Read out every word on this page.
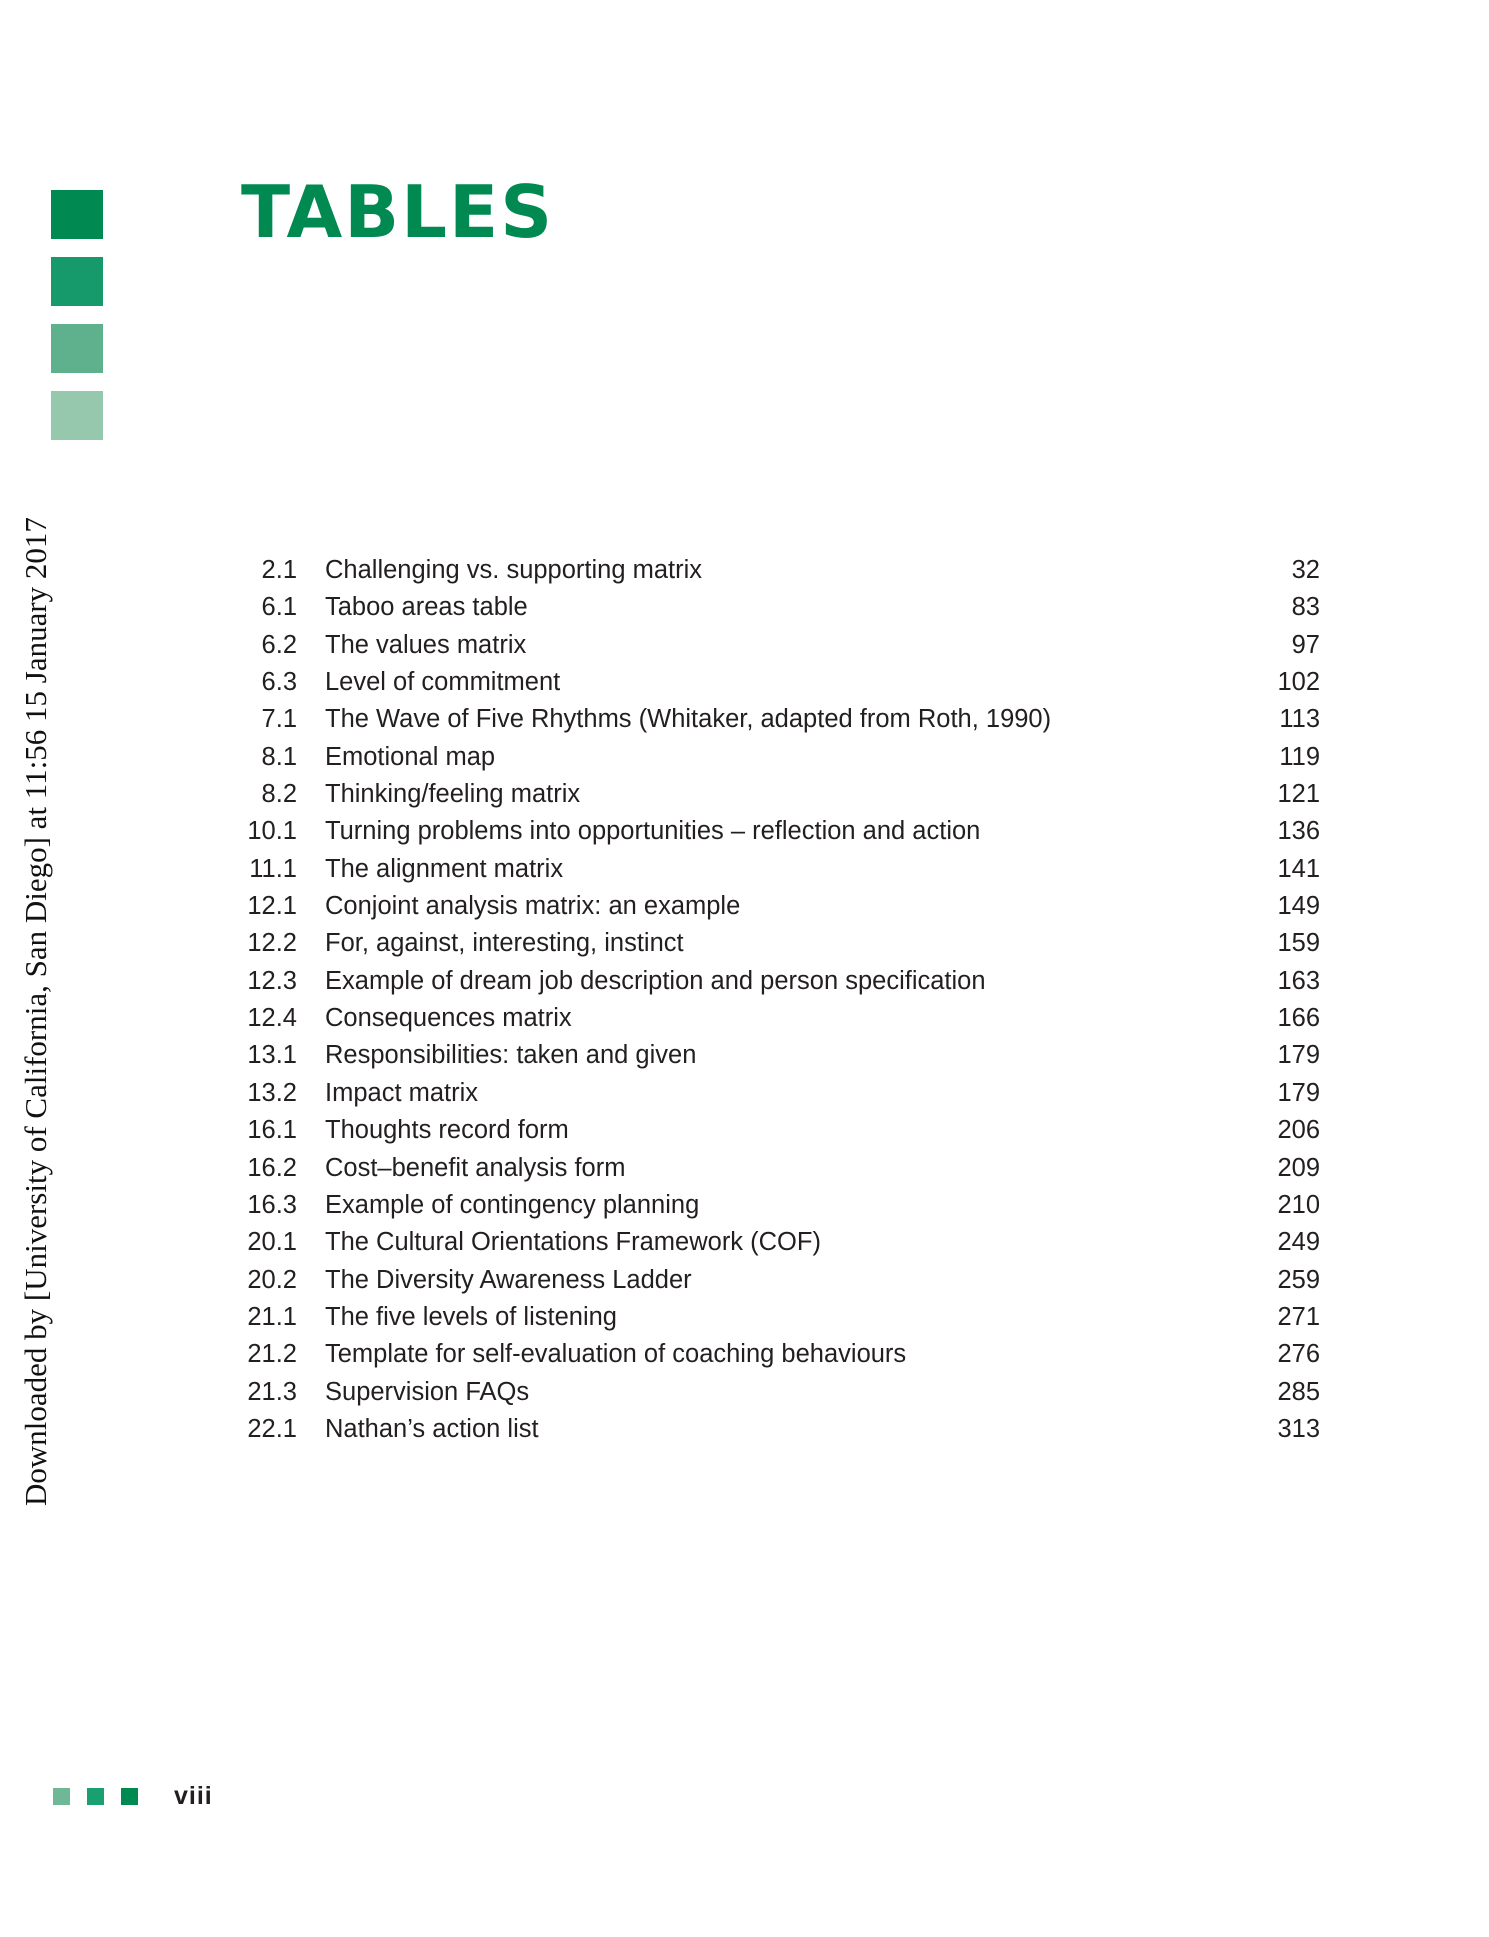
Downloaded by [University of California, San Diego] at 11:56 15 January 2017
TABLES
2.1 Challenging vs. supporting matrix	32
6.1 Taboo areas table	83
6.2 The values matrix	97
6.3 Level of commitment	102
7.1 The Wave of Five Rhythms (Whitaker, adapted from Roth, 1990)	113
8.1 Emotional map	119
8.2 Thinking/feeling matrix	121
10.1 Turning problems into opportunities – reflection and action	136
11.1 The alignment matrix	141
12.1 Conjoint analysis matrix: an example	149
12.2 For, against, interesting, instinct	159
12.3 Example of dream job description and person specification	163
12.4 Consequences matrix	166
13.1 Responsibilities: taken and given	179
13.2 Impact matrix	179
16.1 Thoughts record form	206
16.2 Cost–benefit analysis form	209
16.3 Example of contingency planning	210
20.1 The Cultural Orientations Framework (COF)	249
20.2 The Diversity Awareness Ladder	259
21.1 The five levels of listening	271
21.2 Template for self-evaluation of coaching behaviours	276
21.3 Supervision FAQs	285
22.1 Nathan’s action list	313
viii
